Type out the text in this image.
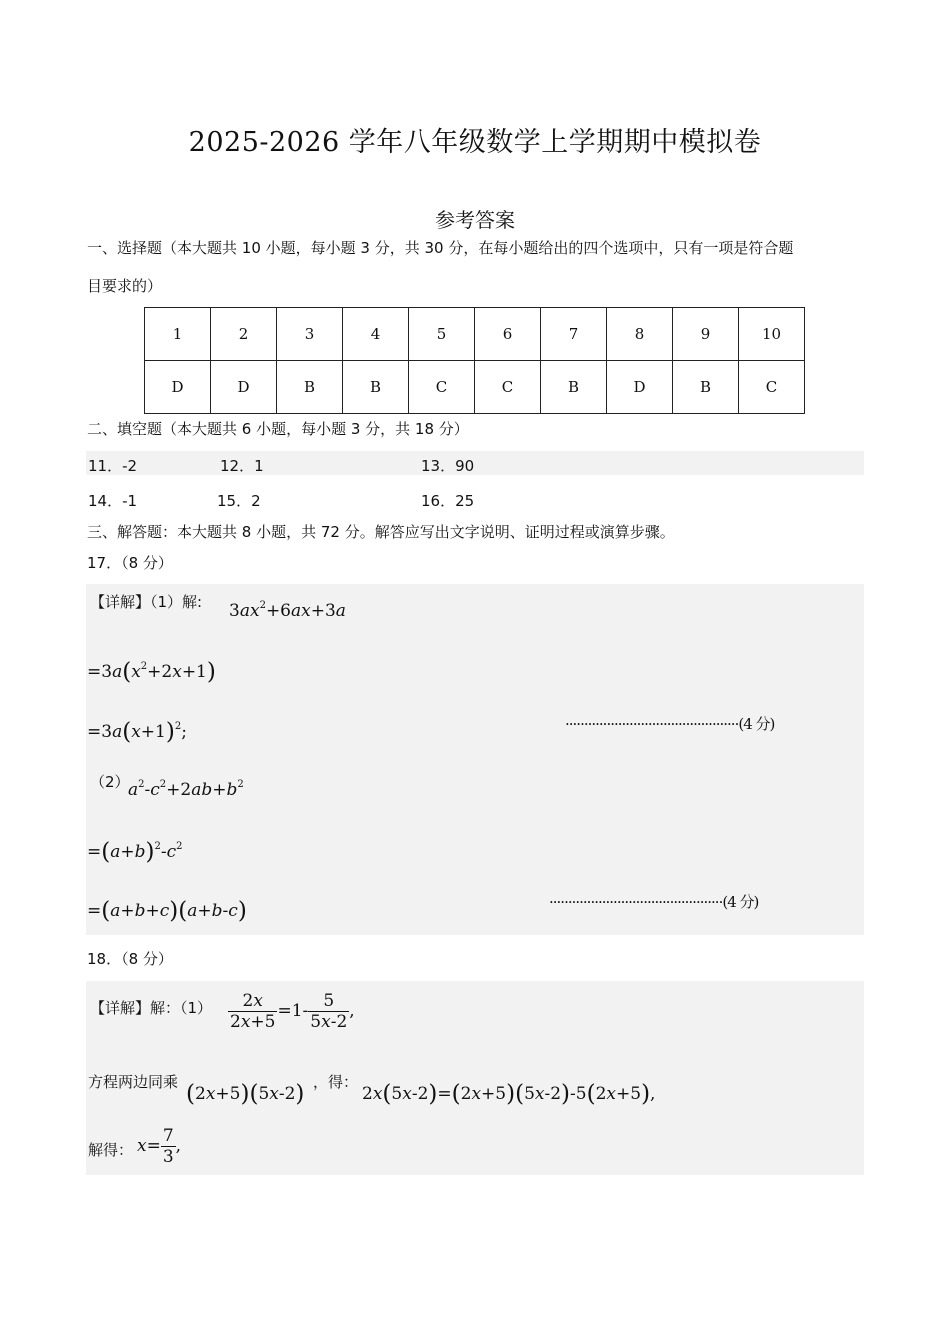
2025-2026 学年八年级数学上学期期中模拟卷
参考答案
一、选择题（本大题共 10 小题，每小题 3 分，共 30 分，在每小题给出的四个选项中，只有一项是符合题
目要求的）
1	2	3	4	5	6	7	8	9	10
D	D	B	B	C	C	B	D	B	C
二、填空题（本大题共 6 小题，每小题 3 分，共 18 分）
11．-2	12．1	13．90
14．-1	15．2	16．25
三、解答题：本大题共 8 小题，共 72 分。解答应写出文字说明、证明过程或演算步骤。
17．（8 分）
【详解】（1）解: $3ax^2+6ax+3a$
$=3a(x^2+2x+1)$
$=3a(x+1)^2$;	··············································(4 分)
（2）
$a^2-c^2+2ab+b^2$
$=(a+b)^2-c^2$
=(a+b+c)(a+b-c)	··············································(4 分)
18．（8 分）
【详解】解：$(1) \frac{2x}{2x+5} =1- \frac{5}{5x-2}$ ,
方程两边同乘 (2x+5)(5x-2) ，得：
2x(5x-2)=(2x+5)(5x-2)-5(2x+5),
解得： $x= \frac{7}{3}$ ,
